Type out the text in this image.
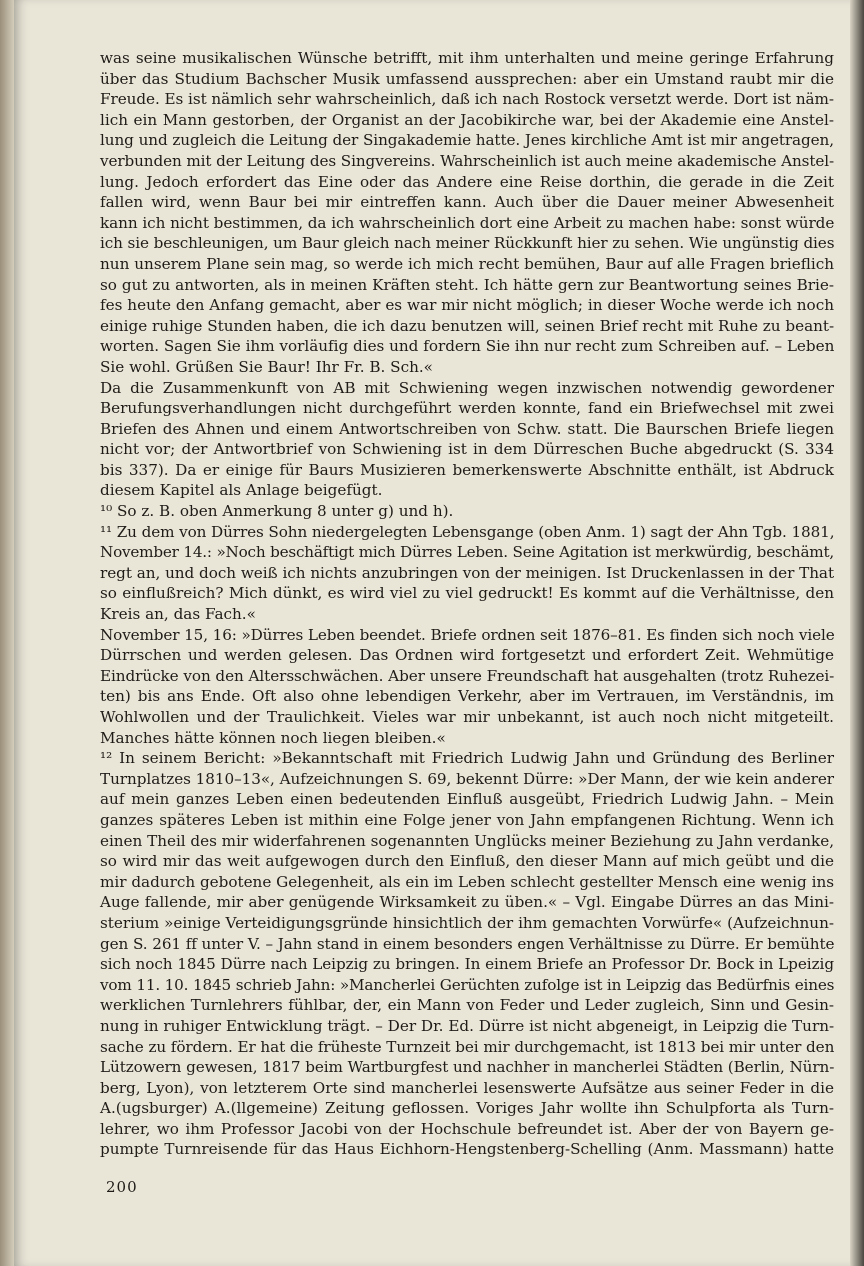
was seine musikalischen Wünsche betrifft, mit ihm unterhalten und meine geringe Erfahrung
über das Studium Bachscher Musik umfassend aussprechen: aber ein Umstand raubt mir die
Freude. Es ist nämlich sehr wahrscheinlich, daß ich nach Rostock versetzt werde. Dort ist näm-
lich ein Mann gestorben, der Organist an der Jacobikirche war, bei der Akademie eine Anstel-
lung und zugleich die Leitung der Singakademie hatte. Jenes kirchliche Amt ist mir angetragen,
verbunden mit der Leitung des Singvereins. Wahrscheinlich ist auch meine akademische Anstel-
lung. Jedoch erfordert das Eine oder das Andere eine Reise dorthin, die gerade in die Zeit
fallen wird, wenn Baur bei mir eintreffen kann. Auch über die Dauer meiner Abwesenheit
kann ich nicht bestimmen, da ich wahrscheinlich dort eine Arbeit zu machen habe: sonst würde
ich sie beschleunigen, um Baur gleich nach meiner Rückkunft hier zu sehen. Wie ungünstig dies
nun unserem Plane sein mag, so werde ich mich recht bemühen, Baur auf alle Fragen brieflich
so gut zu antworten, als in meinen Kräften steht. Ich hätte gern zur Beantwortung seines Brie-
fes heute den Anfang gemacht, aber es war mir nicht möglich; in dieser Woche werde ich noch
einige ruhige Stunden haben, die ich dazu benutzen will, seinen Brief recht mit Ruhe zu beant-
worten. Sagen Sie ihm vorläufig dies und fordern Sie ihn nur recht zum Schreiben auf. – Leben
Sie wohl. Grüßen Sie Baur! Ihr Fr. B. Sch.«
Da die Zusammenkunft von AB mit Schwiening wegen inzwischen notwendig gewordener
Berufungsverhandlungen nicht durchgeführt werden konnte, fand ein Briefwechsel mit zwei
Briefen des Ahnen und einem Antwortschreiben von Schw. statt. Die Baurschen Briefe liegen
nicht vor; der Antwortbrief von Schwiening ist in dem Dürreschen Buche abgedruckt (S. 334
bis 337). Da er einige für Baurs Musizieren bemerkenswerte Abschnitte enthält, ist Abdruck
diesem Kapitel als Anlage beigefügt.
¹⁰ So z. B. oben Anmerkung 8 unter g) und h).
¹¹ Zu dem von Dürres Sohn niedergelegten Lebensgange (oben Anm. 1) sagt der Ahn Tgb. 1881,
November 14.: »Noch beschäftigt mich Dürres Leben. Seine Agitation ist merkwürdig, beschämt,
regt an, und doch weiß ich nichts anzubringen von der meinigen. Ist Druckenlassen in der That
so einflußreich? Mich dünkt, es wird viel zu viel gedruckt! Es kommt auf die Verhältnisse, den
Kreis an, das Fach.«
November 15, 16: »Dürres Leben beendet. Briefe ordnen seit 1876–81. Es finden sich noch viele
Dürrschen und werden gelesen. Das Ordnen wird fortgesetzt und erfordert Zeit. Wehmütige
Eindrücke von den Altersschwächen. Aber unsere Freundschaft hat ausgehalten (trotz Ruhezei-
ten) bis ans Ende. Oft also ohne lebendigen Verkehr, aber im Vertrauen, im Verständnis, im
Wohlwollen und der Traulichkeit. Vieles war mir unbekannt, ist auch noch nicht mitgeteilt.
Manches hätte können noch liegen bleiben.«
¹² In seinem Bericht: »Bekanntschaft mit Friedrich Ludwig Jahn und Gründung des Berliner
Turnplatzes 1810–13«, Aufzeichnungen S. 69, bekennt Dürre: »Der Mann, der wie kein anderer
auf mein ganzes Leben einen bedeutenden Einfluß ausgeübt, Friedrich Ludwig Jahn. – Mein
ganzes späteres Leben ist mithin eine Folge jener von Jahn empfangenen Richtung. Wenn ich
einen Theil des mir widerfahrenen sogenannten Unglücks meiner Beziehung zu Jahn verdanke,
so wird mir das weit aufgewogen durch den Einfluß, den dieser Mann auf mich geübt und die
mir dadurch gebotene Gelegenheit, als ein im Leben schlecht gestellter Mensch eine wenig ins
Auge fallende, mir aber genügende Wirksamkeit zu üben.« – Vgl. Eingabe Dürres an das Mini-
sterium »einige Verteidigungsgründe hinsichtlich der ihm gemachten Vorwürfe« (Aufzeichnun-
gen S. 261 ff unter V. – Jahn stand in einem besonders engen Verhältnisse zu Dürre. Er bemühte
sich noch 1845 Dürre nach Leipzig zu bringen. In einem Briefe an Professor Dr. Bock in Lpeizig
vom 11. 10. 1845 schrieb Jahn: »Mancherlei Gerüchten zufolge ist in Leipzig das Bedürfnis eines
werklichen Turnlehrers fühlbar, der, ein Mann von Feder und Leder zugleich, Sinn und Gesin-
nung in ruhiger Entwicklung trägt. – Der Dr. Ed. Dürre ist nicht abgeneigt, in Leipzig die Turn-
sache zu fördern. Er hat die früheste Turnzeit bei mir durchgemacht, ist 1813 bei mir unter den
Lützowern gewesen, 1817 beim Wartburgfest und nachher in mancherlei Städten (Berlin, Nürn-
berg, Lyon), von letzterem Orte sind mancherlei lesenswerte Aufsätze aus seiner Feder in die
A.(ugsburger) A.(llgemeine) Zeitung geflossen. Voriges Jahr wollte ihn Schulpforta als Turn-
lehrer, wo ihm Professor Jacobi von der Hochschule befreundet ist. Aber der von Bayern ge-
pumpte Turnreisende für das Haus Eichhorn-Hengstenberg-Schelling (Anm. Massmann) hatte
200
